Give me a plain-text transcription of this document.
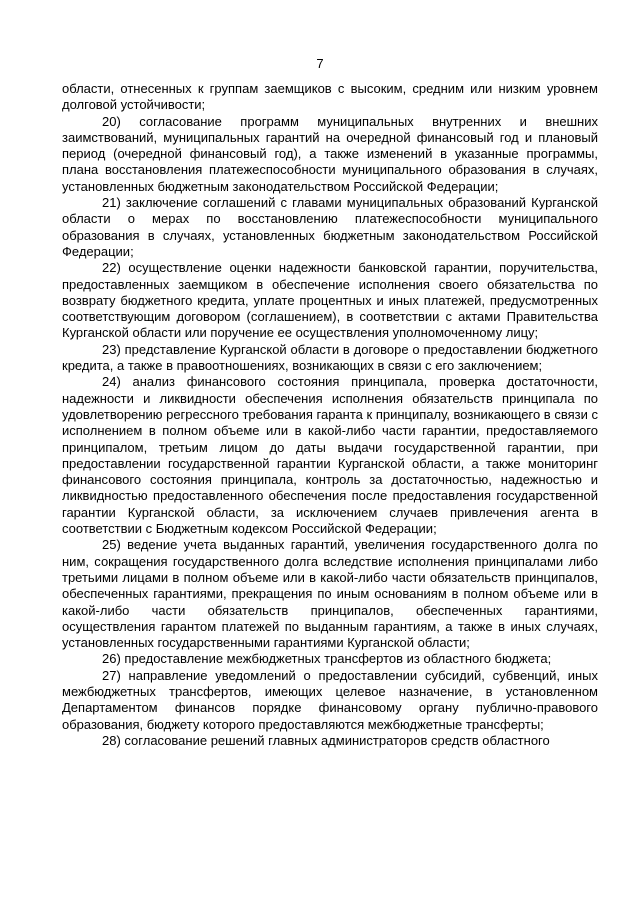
7

области, отнесенных к группам заемщиков с высоким, средним или низким уровнем долговой устойчивости;

20) согласование программ муниципальных внутренних и внешних заимствований, муниципальных гарантий на очередной финансовый год и плановый период (очередной финансовый год), а также изменений в указанные программы, плана восстановления платежеспособности муниципального образования в случаях, установленных бюджетным законодательством Российской Федерации;

21) заключение соглашений с главами муниципальных образований Курганской области о мерах по восстановлению платежеспособности муниципального образования в случаях, установленных бюджетным законодательством Российской Федерации;

22) осуществление оценки надежности банковской гарантии, поручительства, предоставленных заемщиком в обеспечение исполнения своего обязательства по возврату бюджетного кредита, уплате процентных и иных платежей, предусмотренных соответствующим договором (соглашением), в соответствии с актами Правительства Курганской области или поручение ее осуществления уполномоченному лицу;

23) представление Курганской области в договоре о предоставлении бюджетного кредита, а также в правоотношениях, возникающих в связи с его заключением;

24) анализ финансового состояния принципала, проверка достаточности, надежности и ликвидности обеспечения исполнения обязательств принципала по удовлетворению регрессного требования гаранта к принципалу, возникающего в связи с исполнением в полном объеме или в какой-либо части гарантии, предоставляемого принципалом, третьим лицом до даты выдачи государственной гарантии, при предоставлении государственной гарантии Курганской области, а также мониторинг финансового состояния принципала, контроль за достаточностью, надежностью и ликвидностью предоставленного обеспечения после предоставления государственной гарантии Курганской области, за исключением случаев привлечения агента в соответствии с Бюджетным кодексом Российской Федерации;

25) ведение учета выданных гарантий, увеличения государственного долга по ним, сокращения государственного долга вследствие исполнения принципалами либо третьими лицами в полном объеме или в какой-либо части обязательств принципалов, обеспеченных гарантиями, прекращения по иным основаниям в полном объеме или в какой-либо части обязательств принципалов, обеспеченных гарантиями, осуществления гарантом платежей по выданным гарантиям, а также в иных случаях, установленных государственными гарантиями Курганской области;

26) предоставление межбюджетных трансфертов из областного бюджета;

27) направление уведомлений о предоставлении субсидий, субвенций, иных межбюджетных трансфертов, имеющих целевое назначение, в установленном Департаментом финансов порядке финансовому органу публично-правового образования, бюджету которого предоставляются межбюджетные трансферты;

28) согласование решений главных администраторов средств областного
